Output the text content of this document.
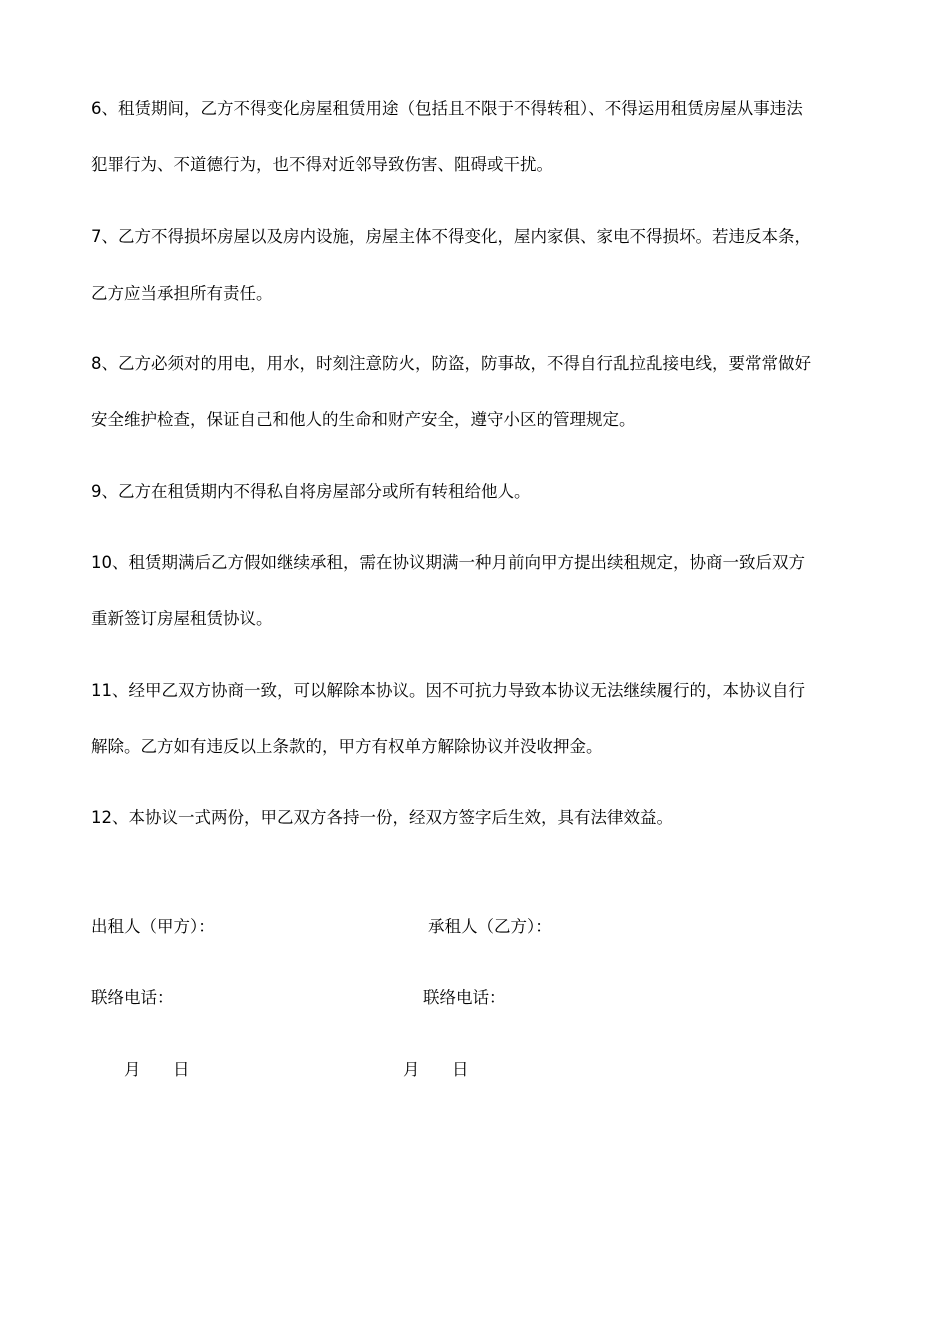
6、租赁期间，乙方不得变化房屋租赁用途（包括且不限于不得转租）、不得运用租赁房屋从事违法
犯罪行为、不道德行为，也不得对近邻导致伤害、阻碍或干扰。
7、乙方不得损坏房屋以及房内设施，房屋主体不得变化，屋内家俱、家电不得损坏。若违反本条，
乙方应当承担所有责任。
8、乙方必须对的用电，用水，时刻注意防火，防盗，防事故，不得自行乱拉乱接电线，要常常做好
安全维护检查，保证自己和他人的生命和财产安全，遵守小区的管理规定。
9、乙方在租赁期内不得私自将房屋部分或所有转租给他人。
10、租赁期满后乙方假如继续承租，需在协议期满一种月前向甲方提出续租规定，协商一致后双方
重新签订房屋租赁协议。
11、经甲乙双方协商一致，可以解除本协议。因不可抗力导致本协议无法继续履行的，本协议自行
解除。乙方如有违反以上条款的，甲方有权单方解除协议并没收押金。
12、本协议一式两份，甲乙双方各持一份，经双方签字后生效，具有法律效益。
出租人（甲方）：	承租人（乙方）：
联络电话：	联络电话：
月 日	月 日
